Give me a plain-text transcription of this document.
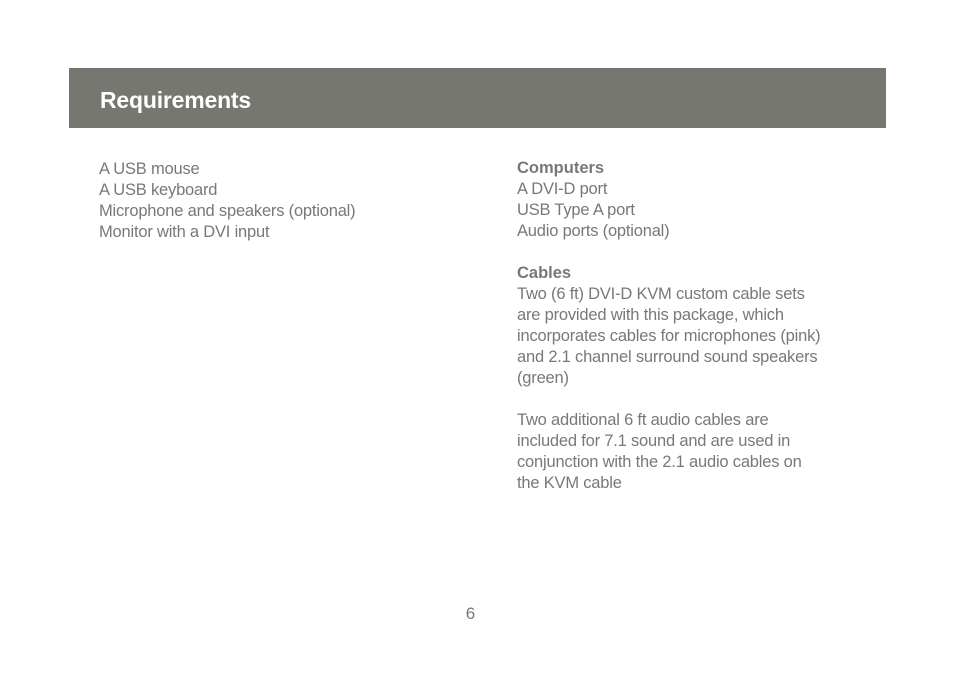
Requirements
A USB mouse
A USB keyboard
Microphone and speakers (optional)
Monitor with a DVI input
Computers
A DVI-D port
USB Type A port
Audio ports (optional)
Cables
Two (6 ft) DVI-D KVM custom cable sets
are provided with this package, which
incorporates cables for microphones (pink)
and 2.1 channel surround sound speakers
(green)
Two additional 6 ft audio cables are
included for 7.1 sound and are used in
conjunction with the 2.1 audio cables on
the KVM cable
6
